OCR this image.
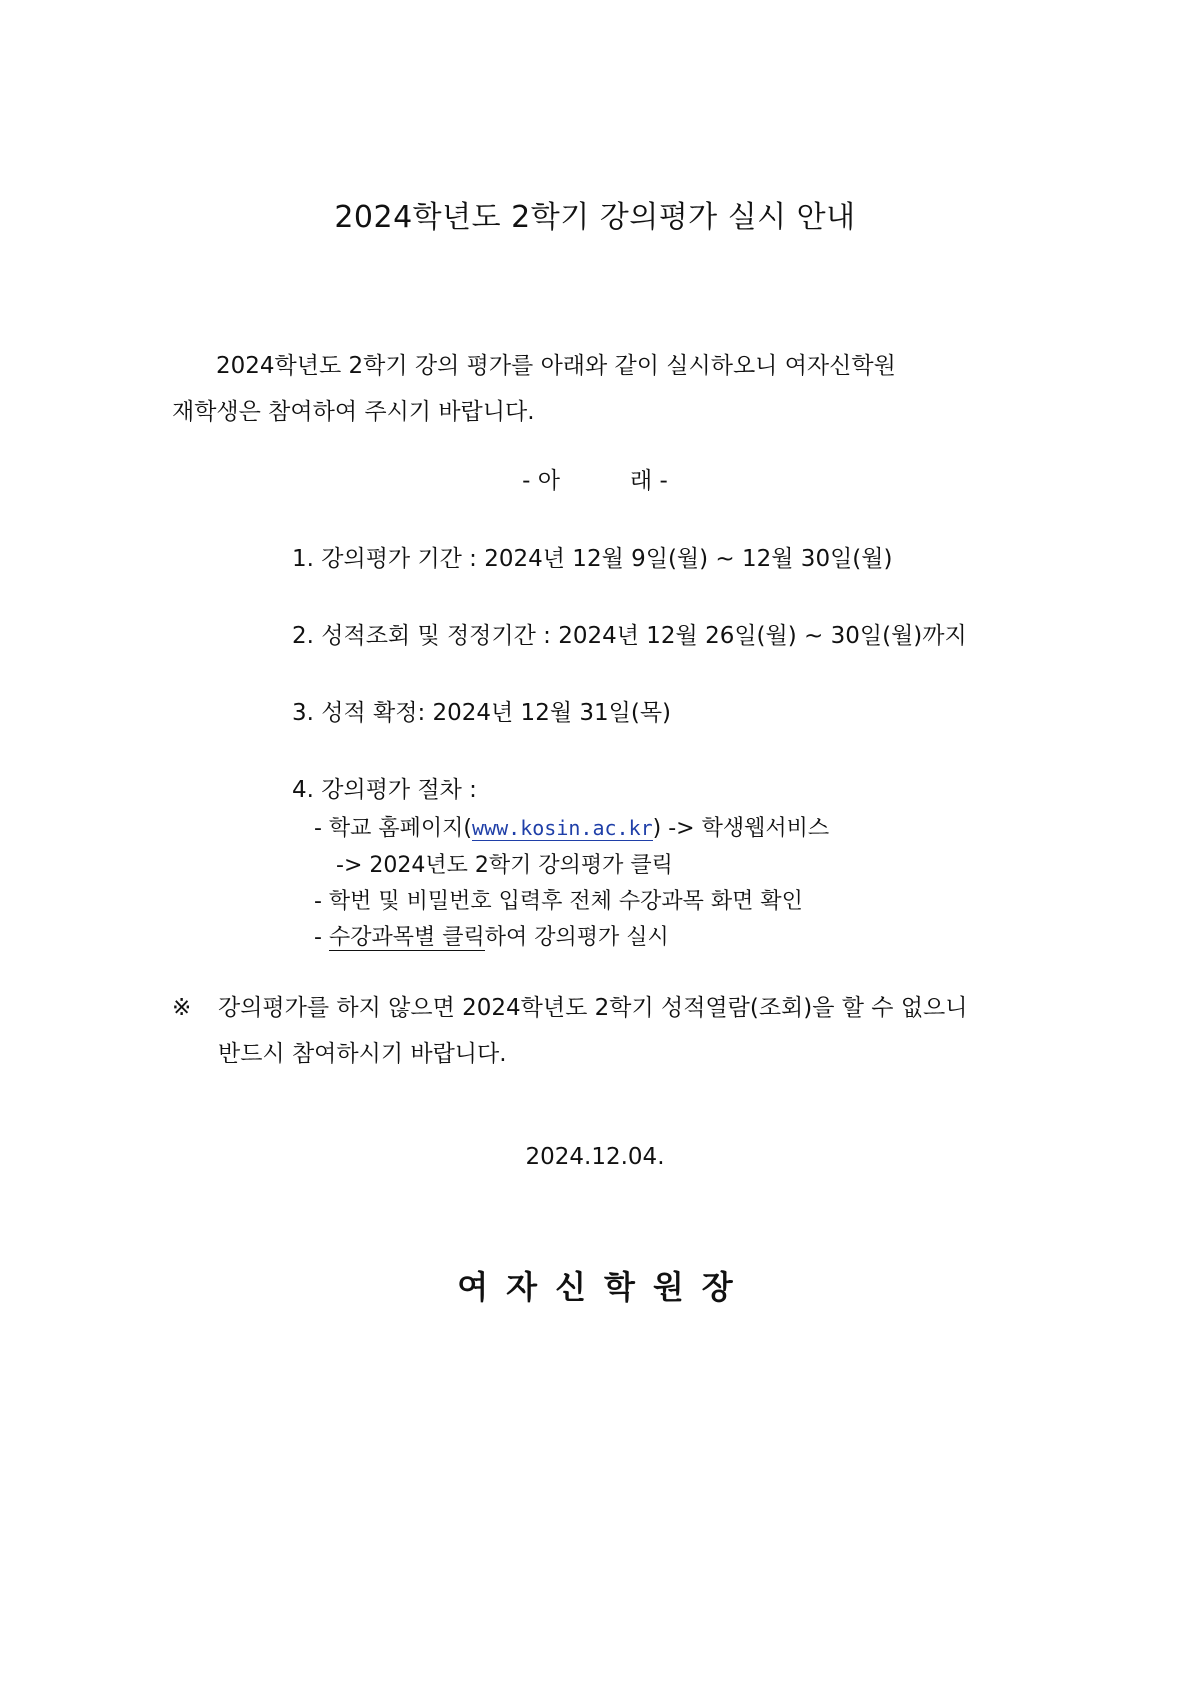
2024학년도 2학기 강의평가 실시 안내
2024학년도 2학기 강의 평가를 아래와 같이 실시하오니 여자신학원
재학생은 참여하여 주시기 바랍니다.
- 아	래 -
1. 강의평가 기간 : 2024년 12월 9일(월) ~ 12월 30일(월)
2. 성적조회 및 정정기간 : 2024년 12월 26일(월) ~ 30일(월)까지
3. 성적 확정: 2024년 12월 31일(목)
4. 강의평가 절차 :
- 학교 홈페이지(www.kosin.ac.kr) -> 학생웹서비스
-> 2024년도 2학기 강의평가 클릭
- 학번 및 비밀번호 입력후 전체 수강과목 화면 확인
- 수강과목별 클릭하여 강의평가 실시
※ 강의평가를 하지 않으면 2024학년도 2학기 성적열람(조회)을 할 수 없으니
반드시 참여하시기 바랍니다.
2024.12.04.
여자신학원장
